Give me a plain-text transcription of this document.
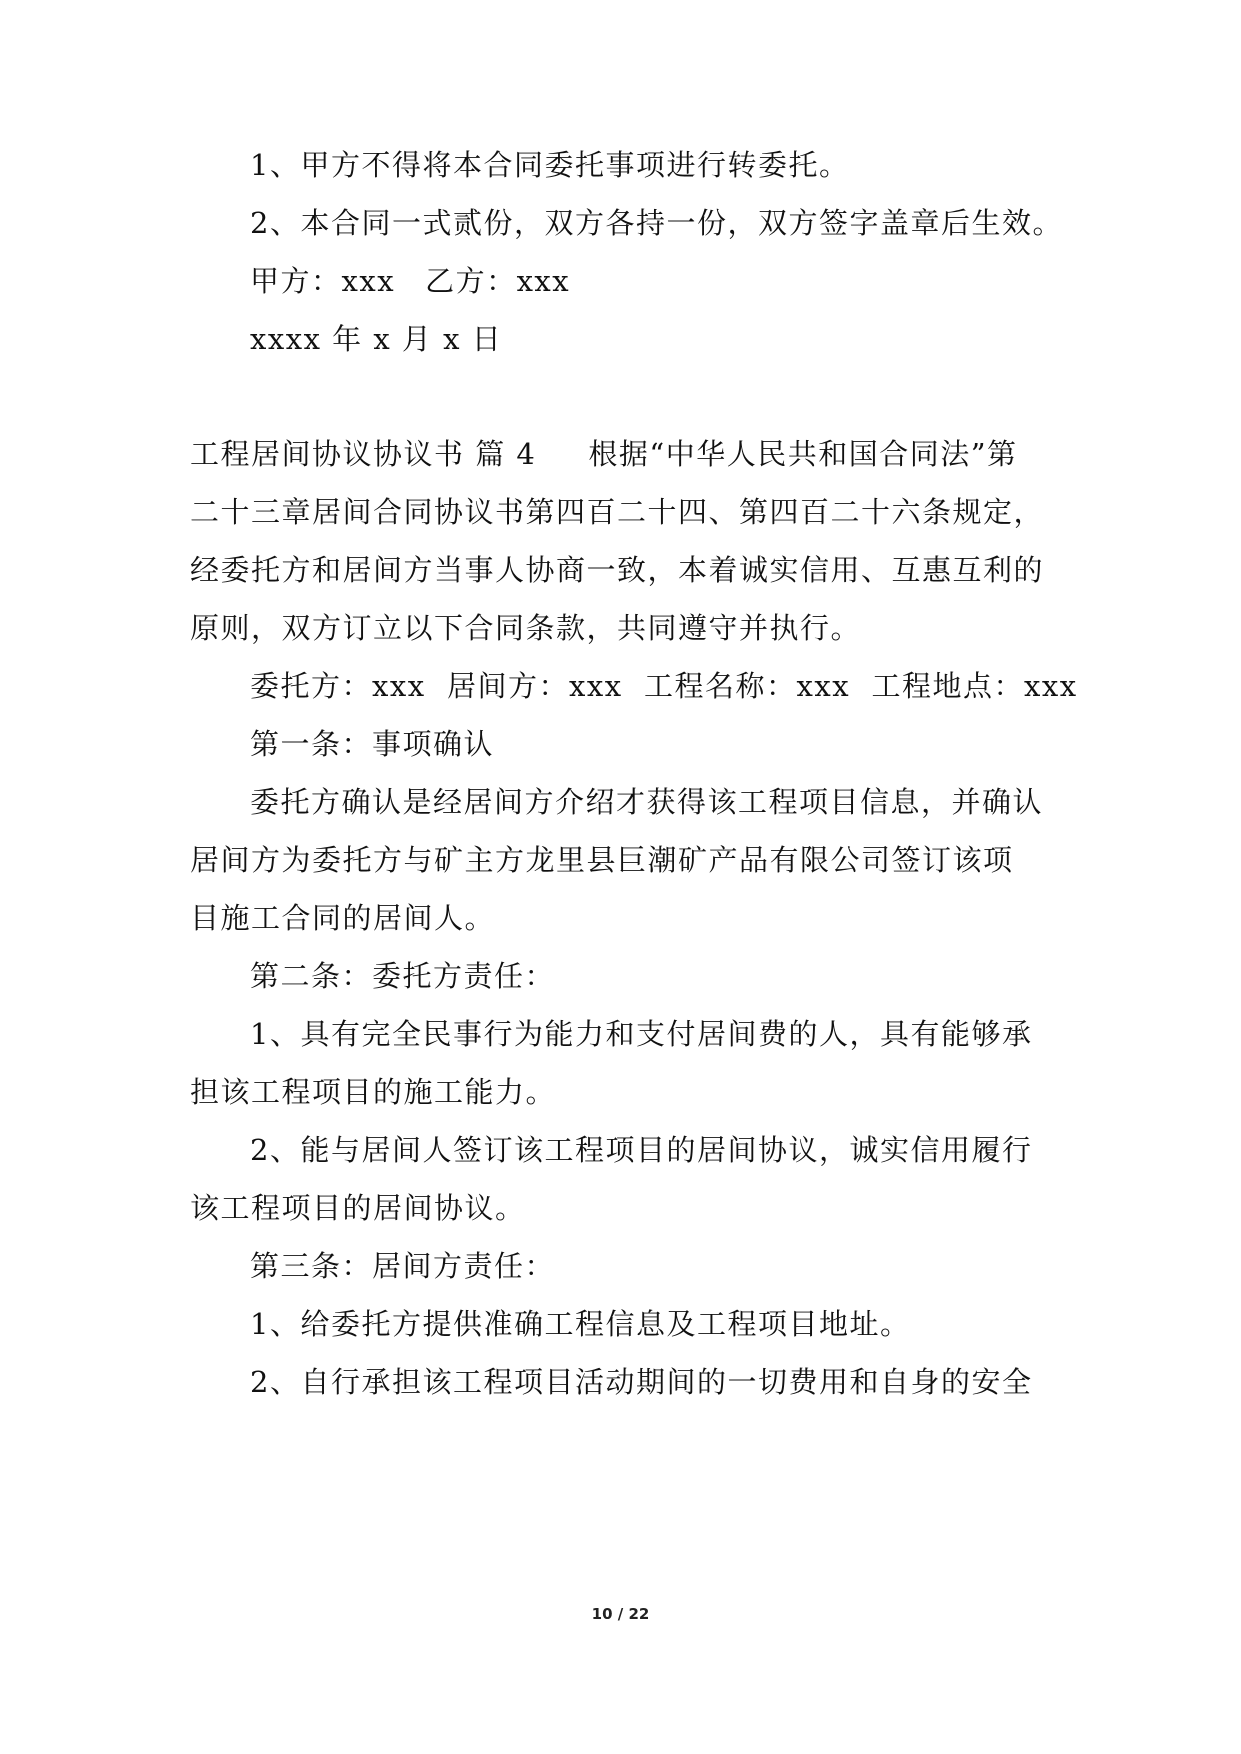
1、甲方不得将本合同委托事项进行转委托。
2、本合同一式贰份，双方各持一份，双方签字盖章后生效。
甲方：xxx 乙方：xxx
xxxx 年 x 月 x 日
工程居间协议协议书 篇 4 根据“中华人民共和国合同法”第
二十三章居间合同协议书第四百二十四、第四百二十六条规定，
经委托方和居间方当事人协商一致，本着诚实信用、互惠互利的
原则，双方订立以下合同条款，共同遵守并执行。
委托方：xxx  居间方：xxx  工程名称：xxx  工程地点：xxx
第一条：事项确认
委托方确认是经居间方介绍才获得该工程项目信息，并确认
居间方为委托方与矿主方龙里县巨潮矿产品有限公司签订该项
目施工合同的居间人。
第二条：委托方责任：
1、具有完全民事行为能力和支付居间费的人，具有能够承
担该工程项目的施工能力。
2、能与居间人签订该工程项目的居间协议，诚实信用履行
该工程项目的居间协议。
第三条：居间方责任：
1、给委托方提供准确工程信息及工程项目地址。
2、自行承担该工程项目活动期间的一切费用和自身的安全
10 / 22
